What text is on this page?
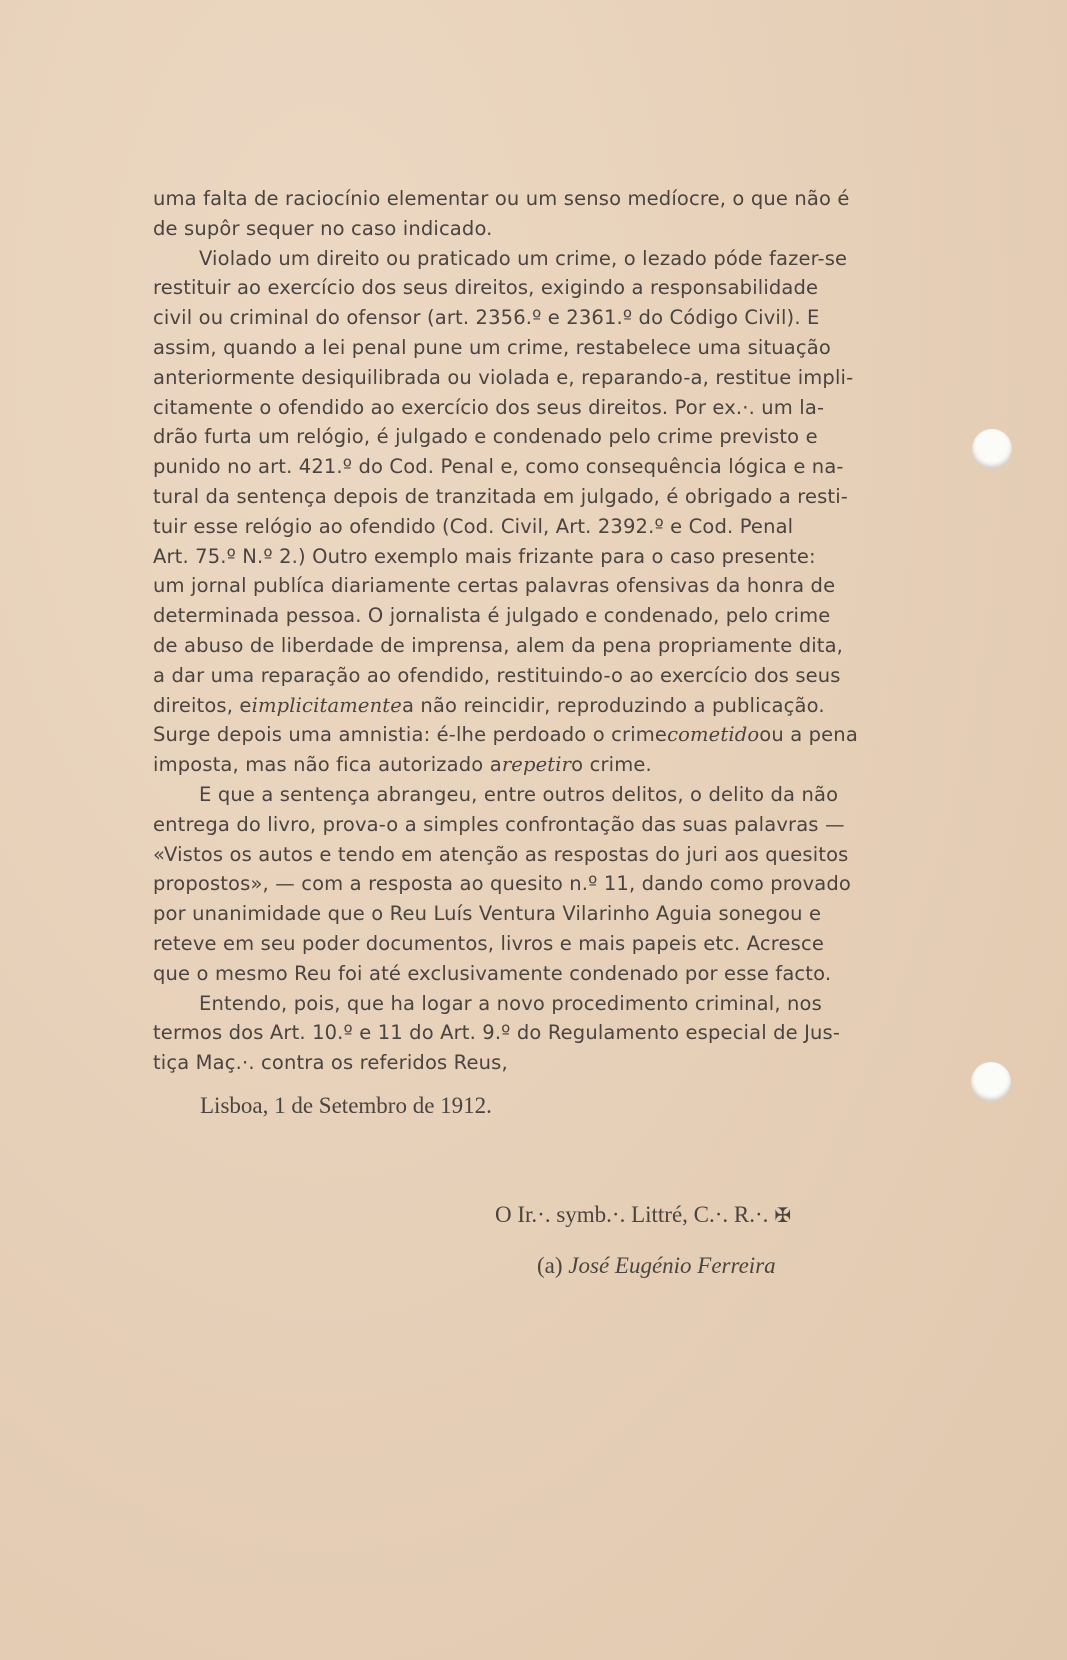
uma falta de raciocínio elementar ou um senso medíocre, o que não é
de supôr sequer no caso indicado.
Violado um direito ou praticado um crime, o lezado póde fazer-se
restituir ao exercício dos seus direitos, exigindo a responsabilidade
civil ou criminal do ofensor (art. 2356.º e 2361.º do Código Civil). E
assim, quando a lei penal pune um crime, restabelece uma situação
anteriormente desiquilibrada ou violada e, reparando-a, restitue impli-
citamente o ofendido ao exercício dos seus direitos. Por ex.·. um la-
drão furta um relógio, é julgado e condenado pelo crime previsto e
punido no art. 421.º do Cod. Penal e, como consequência lógica e na-
tural da sentença depois de tranzitada em julgado, é obrigado a resti-
tuir esse relógio ao ofendido (Cod. Civil, Art. 2392.º e Cod. Penal
Art. 75.º N.º 2.) Outro exemplo mais frizante para o caso presente:
um jornal publíca diariamente certas palavras ofensivas da honra de
determinada pessoa. O jornalista é julgado e condenado, pelo crime
de abuso de liberdade de imprensa, alem da pena propriamente dita,
a dar uma reparação ao ofendido, restituindo-o ao exercício dos seus
direitos, eimplicitamentea não reincidir, reproduzindo a publicação.
Surge depois uma amnistia: é-lhe perdoado o crimecometidoou a pena
imposta, mas não fica autorizado arepetiro crime.
E que a sentença abrangeu, entre outros delitos, o delito da não
entrega do livro, prova-o a simples confrontação das suas palavras —
«Vistos os autos e tendo em atenção as respostas do juri aos quesitos
propostos», — com a resposta ao quesito n.º 11, dando como provado
por unanimidade que o Reu Luís Ventura Vilarinho Aguia sonegou e
reteve em seu poder documentos, livros e mais papeis etc. Acresce
que o mesmo Reu foi até exclusivamente condenado por esse facto.
Entendo, pois, que ha logar a novo procedimento criminal, nos
termos dos Art. 10.º e 11 do Art. 9.º do Regulamento especial de Jus-
tiça Maç.·. contra os referidos Reus,
Lisboa, 1 de Setembro de 1912.
O Ir.·. symb.·. Littré, C.·. R.·. ✠
(a) José Eugénio Ferreira
